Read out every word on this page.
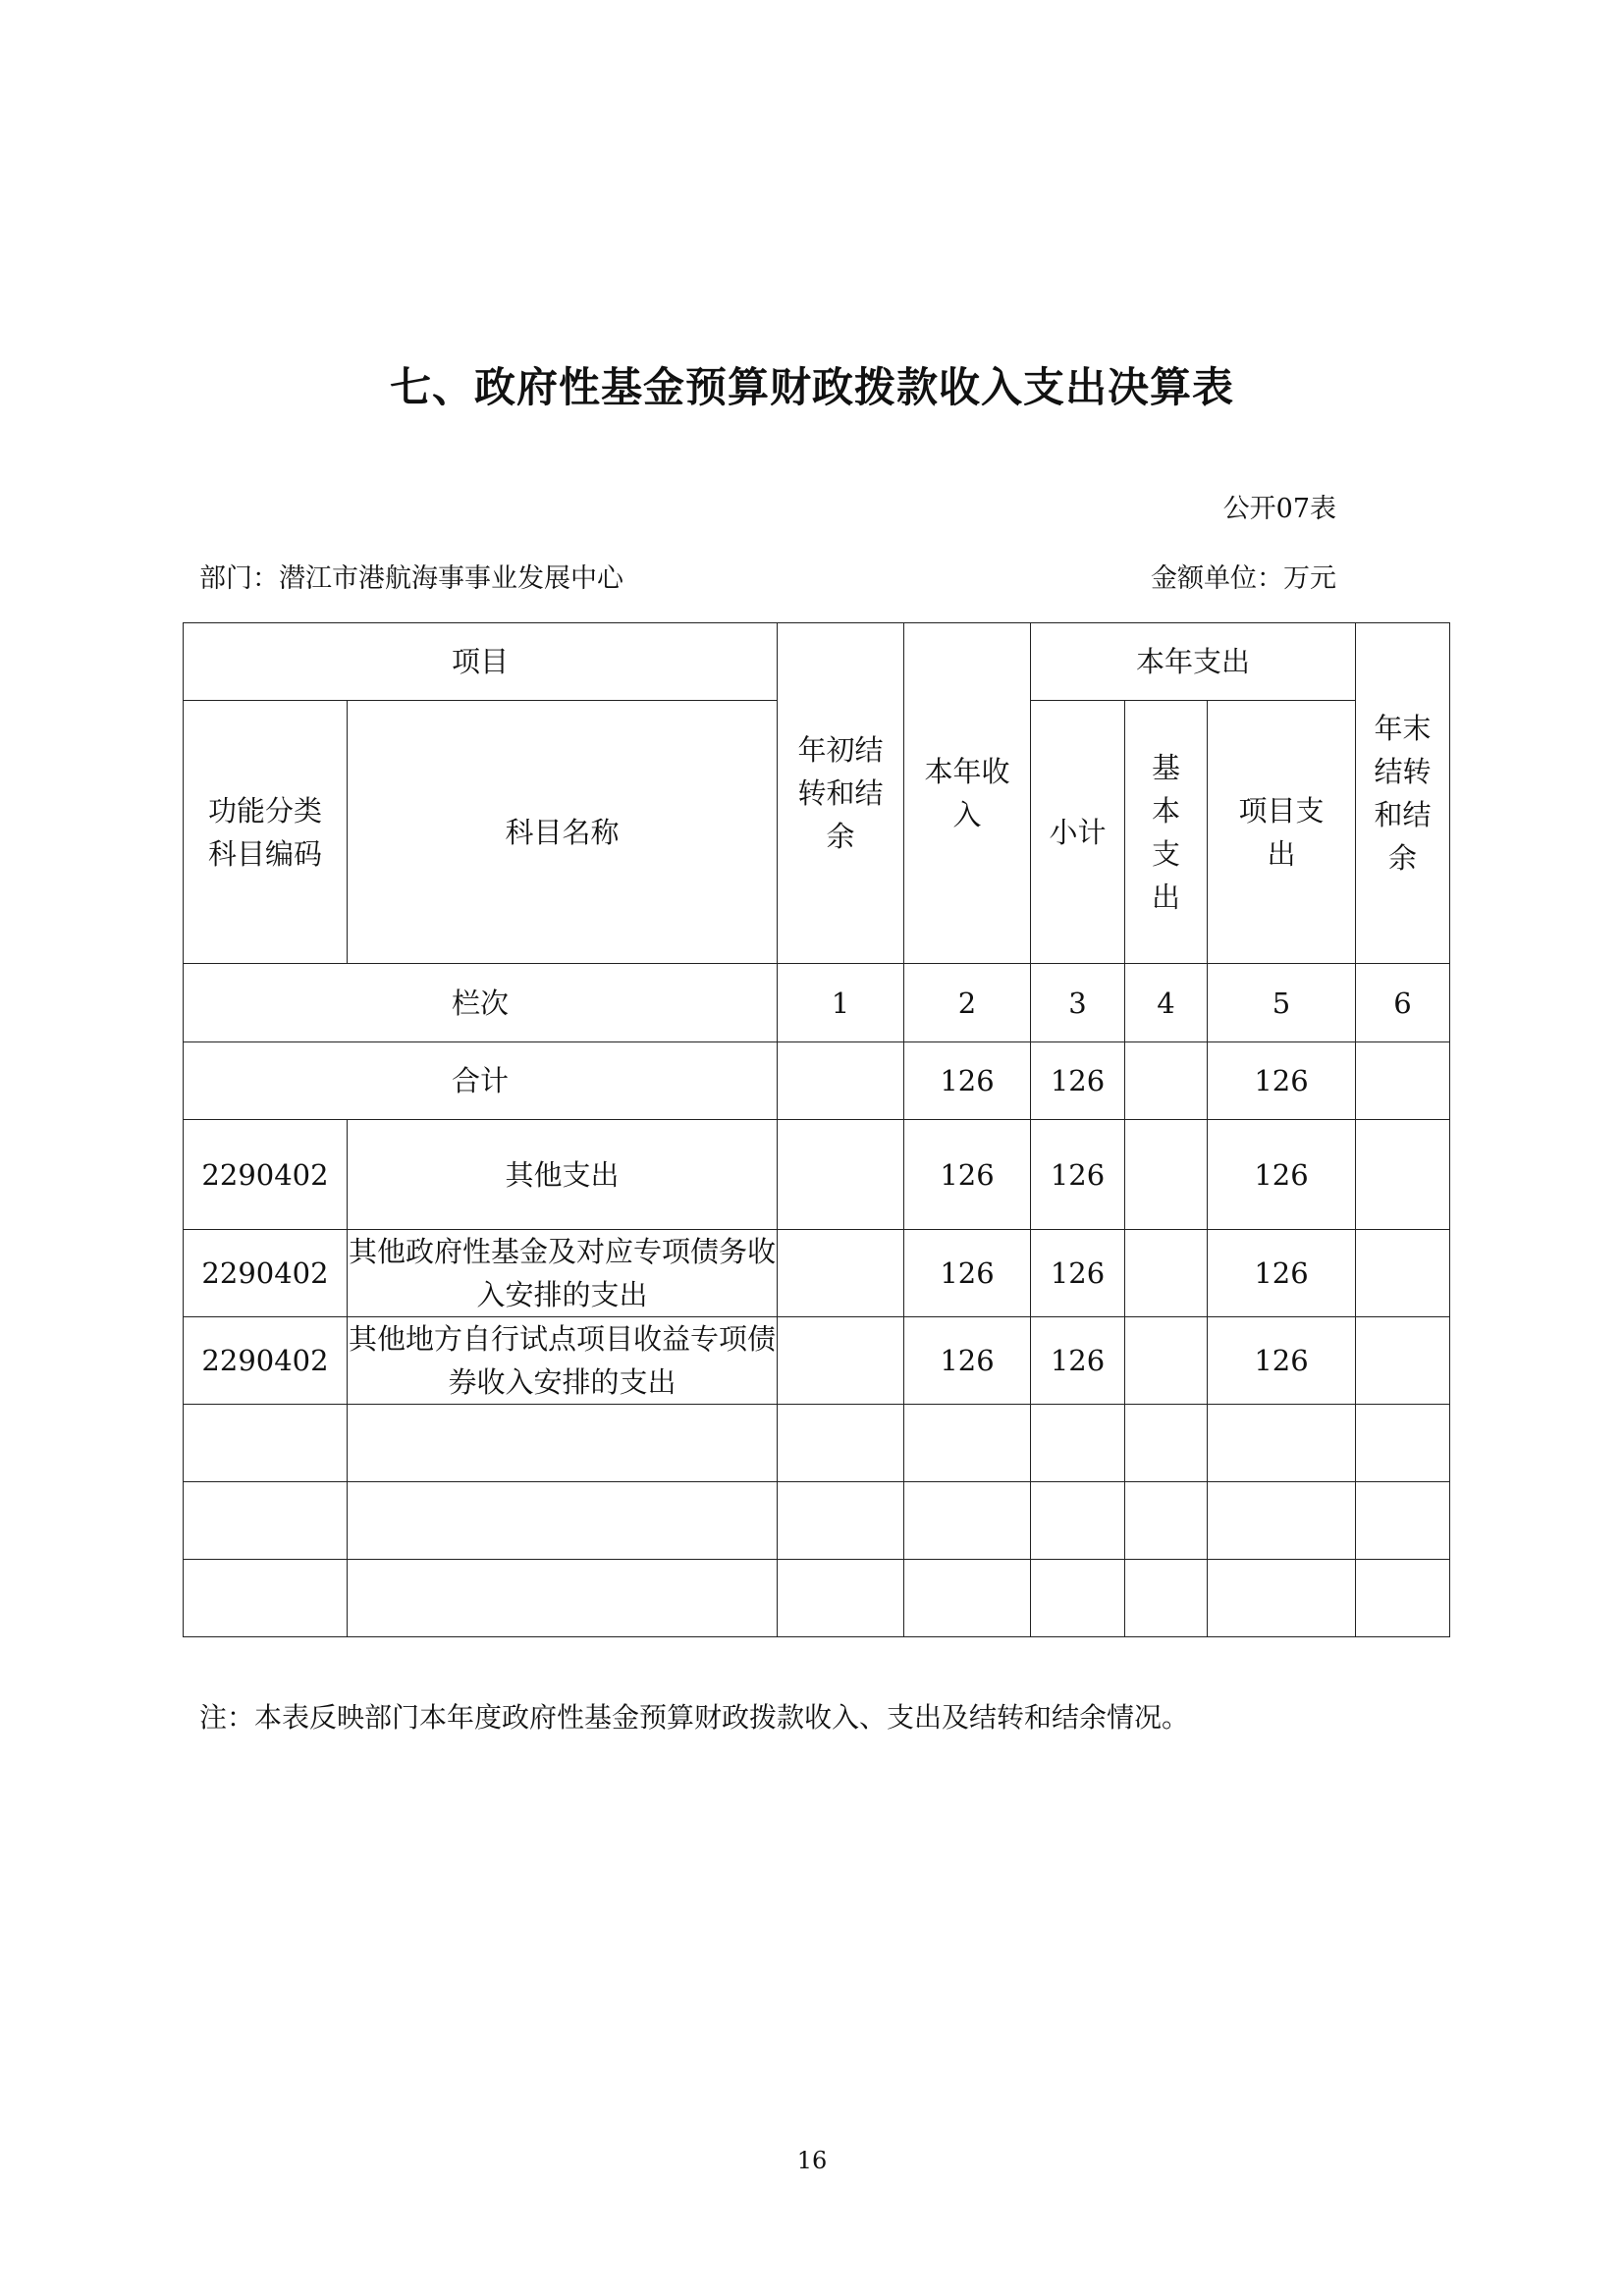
七、政府性基金预算财政拨款收入支出决算表
公开07表
部门：潜江市港航海事事业发展中心	金额单位：万元
项目		年初结转和结余	本年收入	本年支出			年末结转和结余
功能分类科目编码	科目名称			小计	基本支出	项目支出	
栏次		1	2	3	4	5	6
合计			126	126		126	
2290402	其他支出		126	126		126	
2290402	其他政府性基金及对应专项债务收入安排的支出		126	126		126	
2290402	其他地方自行试点项目收益专项债券收入安排的支出		126	126		126	

注：本表反映部门本年度政府性基金预算财政拨款收入、支出及结转和结余情况。
16
